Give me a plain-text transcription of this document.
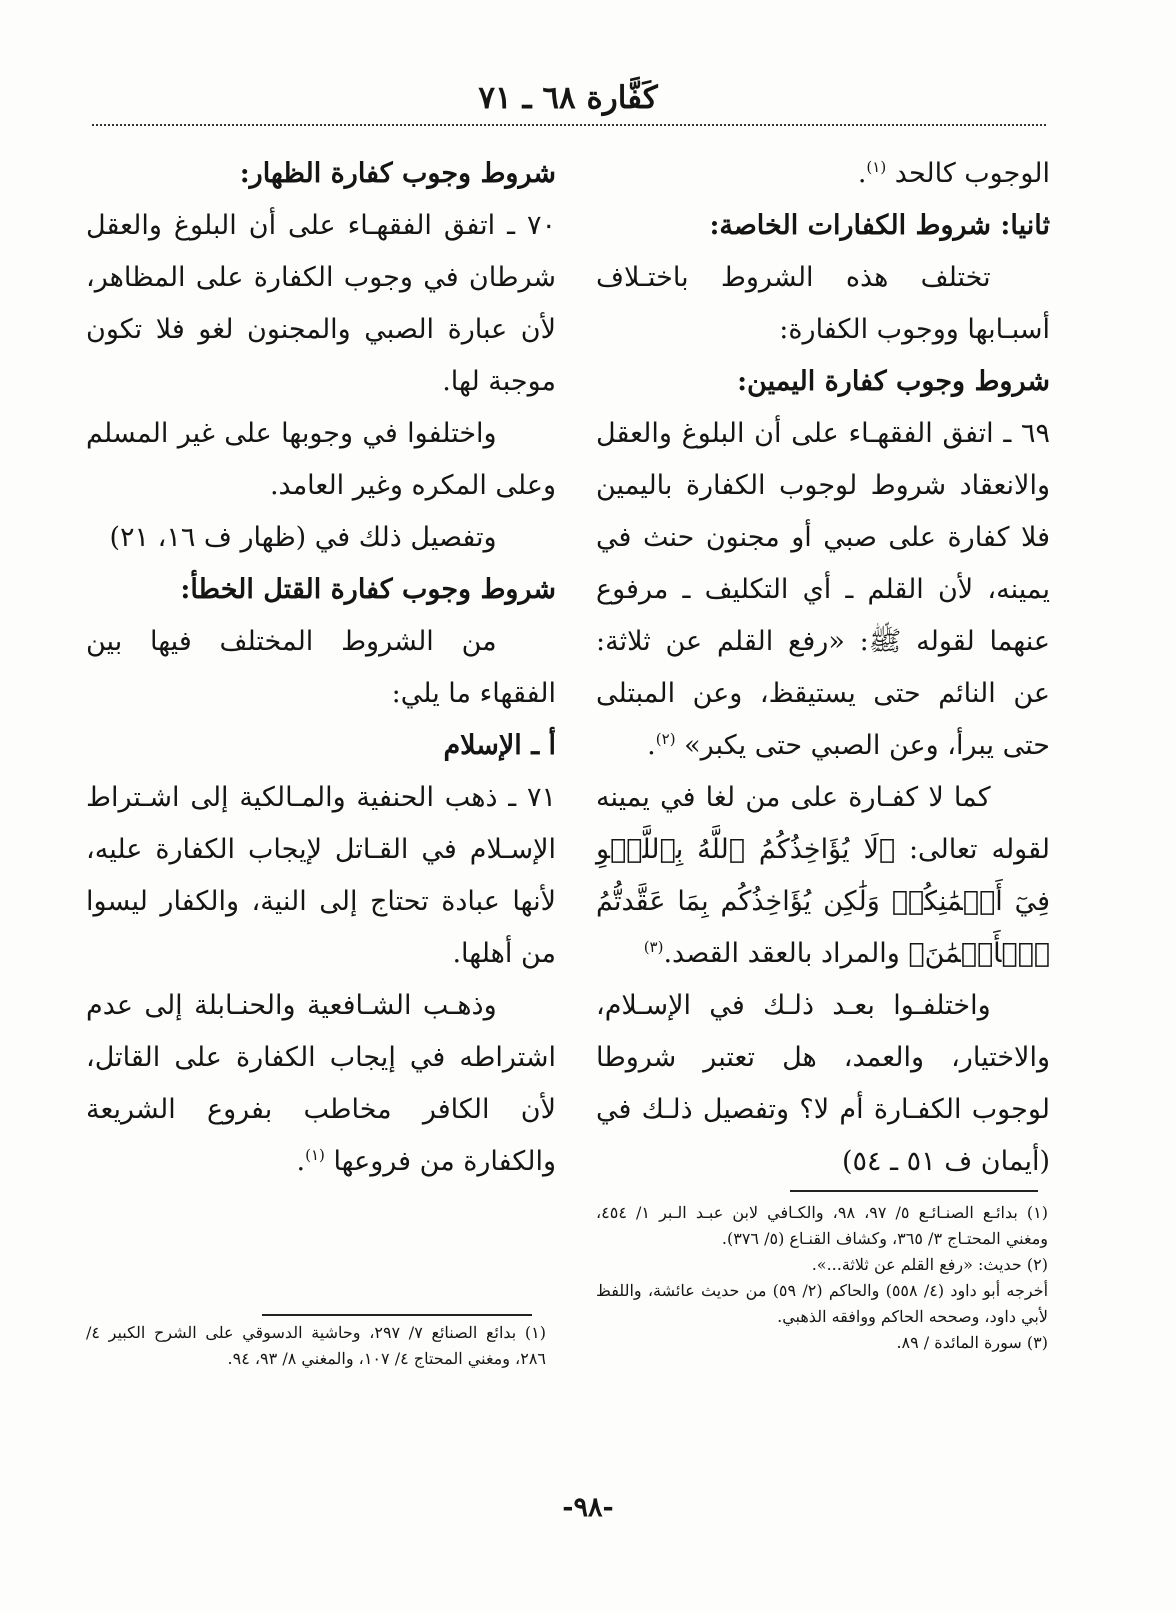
كَفَّارة ٦٨ ـ ٧١

الوجوب كالحد $^{(١)}$.

ثانيا: شروط الكفارات الخاصة:

تختلف هذه الشروط باختـلاف أسبـابها ووجوب الكفارة:

شروط وجوب كفارة اليمين:

٦٩ ـ اتفق الفقهـاء على أن البلوغ والعقل والانعقاد شروط لوجوب الكفارة باليمين فلا كفارة على صبي أو مجنون حنث في يمينه، لأن القلم ـ أي التكليف ـ مرفوع عنهما لقوله ﷺ: «رفع القلم عن ثلاثة: عن النائم حتى يستيقظ، وعن المبتلى حتى يبرأ، وعن الصبي حتى يكبر» $^{(٢)}$.

كما لا كفـارة على من لغا في يمينه لقوله تعالى: ﴿لَا يُؤَاخِذُكُمُ ٱللَّهُ بِٱللَّغۡوِ فِيٓ أَيۡمَٰنِكُمۡ وَلَٰكِن يُؤَاخِذُكُم بِمَا عَقَّدتُّمُ ٱلۡأَيۡمَٰنَ﴾ والمراد بالعقد القصد.$^{(٣)}$

واختلفـوا بعـد ذلـك في الإسـلام، والاختيار، والعمد، هل تعتبر شروطا لوجوب الكفـارة أم لا؟ وتفصيل ذلـك في (أيمان ف ٥١ ـ ٥٤)

(١) بدائـع الصنـائـع ٥/ ٩٧، ٩٨، والكـافي لابن عبـد الـبر ١/ ٤٥٤، ومغني المحتـاج ٣/ ٣٦٥، وكشاف القنـاع (٥/ ٣٧٦).

(٢) حديث: «رفع القلم عن ثلاثة...».

أخرجه أبو داود (٤/ ٥٥٨) والحاكم (٢/ ٥٩) من حديث عائشة، واللفظ لأبي داود، وصححه الحاكم ووافقه الذهبي.

(٣) سورة المائدة / ٨٩.

شروط وجوب كفارة الظهار:

٧٠ ـ اتفق الفقهـاء على أن البلوغ والعقل شرطان في وجوب الكفارة على المظاهر، لأن عبارة الصبي والمجنون لغو فلا تكون موجبة لها.

واختلفوا في وجوبها على غير المسلم وعلى المكره وغير العامد.

وتفصيل ذلك في (ظهار ف ١٦، ٢١)

شروط وجوب كفارة القتل الخطأ:

من الشروط المختلف فيها بين الفقهاء ما يلي:

أ ـ الإسلام

٧١ ـ ذهب الحنفية والمـالكية إلى اشـتراط الإسـلام في القـاتل لإيجاب الكفارة عليه، لأنها عبادة تحتاج إلى النية، والكفار ليسوا من أهلها.

وذهـب الشـافعية والحنـابلة إلى عدم اشتراطه في إيجاب الكفارة على القاتل، لأن الكافر مخاطب بفروع الشريعة والكفارة من فروعها $^{(١)}$.

(١) بدائع الصنائع ٧/ ٢٩٧، وحاشية الدسوقي على الشرح الكبير ٤/ ٢٨٦، ومغني المحتاج ٤/ ١٠٧، والمغني ٨/ ٩٣، ٩٤.

-٩٨-
